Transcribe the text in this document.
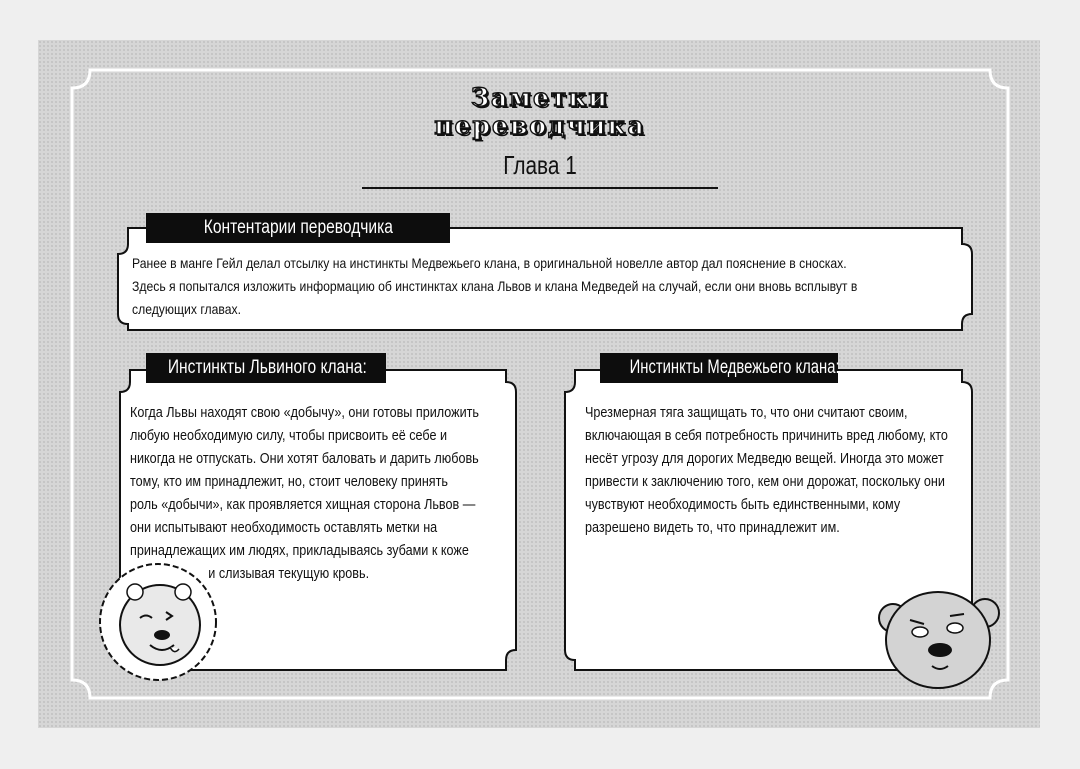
Заметки
переводчика
Глава 1
Контентарии переводчика

Ранее в манге Гейл делал отсылку на инстинкты Медвежьего клана, в оригинальной новелле автор дал пояснение в сносках.

Здесь я попытался изложить информацию об инстинктах клана Львов и клана Медведей на случай, если они вновь всплывут в

следующих главах.

Инстинкты Львиного клана:

Когда Львы находят свою «добычу», они готовы приложить

любую необходимую силу, чтобы присвоить её себе и

никогда не отпускать. Они хотят баловать и дарить любовь

тому, кто им принадлежит, но, стоит человеку принять

роль «добычи», как проявляется хищная сторона Львов —

они испытывают необходимость оставлять метки на

принадлежащих им людях, прикладываясь зубами к коже

и слизывая текущую кровь.

Инстинкты Медвежьего клана:

Чрезмерная тяга защищать то, что они считают своим,

включающая в себя потребность причинить вред любому, кто

несёт угрозу для дорогих Медведю вещей. Иногда это может

привести к заключению того, кем они дорожат, поскольку они

чувствуют необходимость быть единственными, кому

разрешено видеть то, что принадлежит им.
